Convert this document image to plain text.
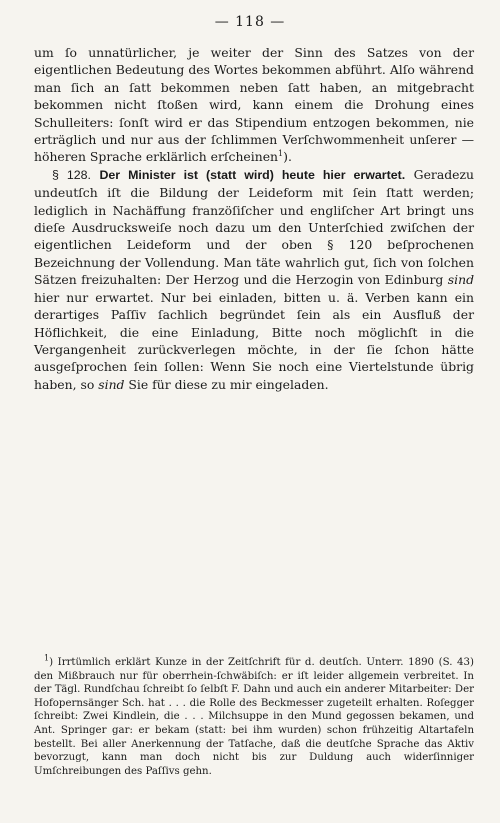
— 118 —

um ſo unnatürlicher, je weiter der Sinn des Satzes von der eigentlichen Bedeutung des Wortes bekommen abführt. Alſo während man ſich an ſatt bekommen neben ſatt haben, an mitgebracht bekommen nicht ſtoßen wird, kann einem die Drohung eines Schulleiters: ſonſt wird er das Stipendium entzogen bekommen, nie erträglich und nur aus der ſchlimmen Verſchwommenheit unſerer — höheren Sprache erklärlich erſcheinen$^1$).

§ 128. Der Minister ist (statt wird) heute hier erwartet. Geradezu undeutſch iſt die Bildung der Leideform mit ſein ſtatt werden; lediglich in Nachäffung franzöſiſcher und engliſcher Art bringt uns dieſe Ausdrucksweiſe noch dazu um den Unterſchied zwiſchen der eigentlichen Leideform und der oben § 120 beſprochenen Bezeichnung der Vollendung. Man täte wahrlich gut, ſich von ſolchen Sätzen freizuhalten: Der Herzog und die Herzogin von Edinburg sind hier nur erwartet. Nur bei einladen, bitten u. ä. Verben kann ein derartiges Paſſiv ſachlich begründet ſein als ein Ausfluß der Höflichkeit, die eine Einladung, Bitte noch möglichſt in die Vergangenheit zurückverlegen möchte, in der ſie ſchon hätte ausgeſprochen ſein ſollen: Wenn Sie noch eine Viertelstunde übrig haben, so sind Sie für diese zu mir eingeladen.

$^1$) Irrtümlich erklärt Kunze in der Zeitſchrift für d. deutſch. Unterr. 1890 (S. 43) den Mißbrauch nur für oberrhein-ſchwäbiſch: er iſt leider allgemein verbreitet. In der Tägl. Rundſchau ſchreibt ſo ſelbſt F. Dahn und auch ein anderer Mitarbeiter: Der Hofopernsänger Sch. hat . . . die Rolle des Beckmesser zugeteilt erhalten. Roſegger ſchreibt: Zwei Kindlein, die . . . Milchsuppe in den Mund gegossen bekamen, und Ant. Springer gar: er bekam (statt: bei ihm wurden) schon frühzeitig Altartafeln bestellt. Bei aller Anerkennung der Tatſache, daß die deutſche Sprache das Aktiv bevorzugt, kann man doch nicht bis zur Duldung auch widerſinniger Umſchreibungen des Paſſivs gehn.
